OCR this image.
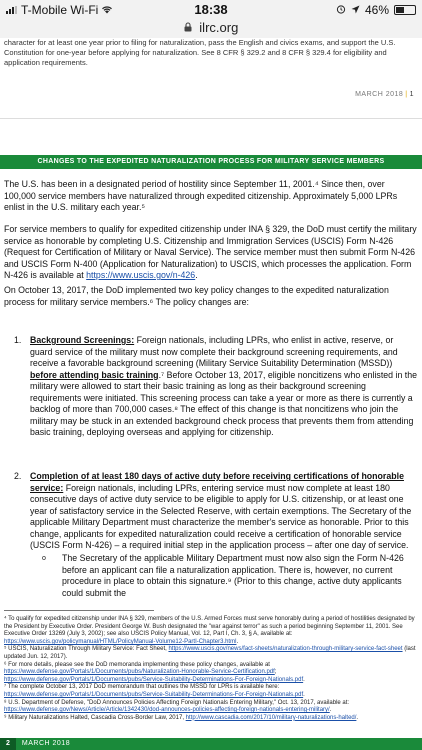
T-Mobile Wi-Fi	18:38	46%
ilrc.org
character for at least one year prior to filing for naturalization, pass the English and civics exams, and support the U.S. Constitution for one-year before applying for naturalization. See 8 CFR § 329.2 and 8 CFR § 329.4 for eligibility and application requirements.
MARCH 2018 | 1
CHANGES TO THE EXPEDITED NATURALIZATION PROCESS FOR MILITARY SERVICE MEMBERS
The U.S. has been in a designated period of hostility since September 11, 2001.⁴ Since then, over 100,000 service members have naturalized through expedited citizenship. Approximately 5,000 LPRs enlist in the U.S. military each year.⁵
For service members to qualify for expedited citizenship under INA § 329, the DoD must certify the military service as honorable by completing U.S. Citizenship and Immigration Services (USCIS) Form N-426 (Request for Certification of Military or Naval Service). The service member must then submit Form N-426 and USCIS Form N-400 (Application for Naturalization) to USCIS, which processes the application. Form N-426 is available at https://www.uscis.gov/n-426.
On October 13, 2017, the DoD implemented two key policy changes to the expedited naturalization process for military service members.⁶ The policy changes are:
1. Background Screenings: Foreign nationals, including LPRs, who enlist in active, reserve, or guard service of the military must now complete their background screening requirements, and receive a favorable background screening (Military Service Suitability Determination (MSSD)) before attending basic training.⁷ Before October 13, 2017, eligible noncitizens who enlisted in the military were allowed to start their basic training as long as their background screening requirements were initiated. This screening process can take a year or more as there is currently a backlog of more than 700,000 cases.⁸ The effect of this change is that noncitizens who join the military may be stuck in an extended background check process that prevents them from attending basic training, deploying overseas and applying for citizenship.
2. Completion of at least 180 days of active duty before receiving certifications of honorable service: Foreign nationals, including LPRs, entering service must now complete at least 180 consecutive days of active duty service to be eligible to apply for U.S. citizenship, or at least one year of satisfactory service in the Selected Reserve, with certain exemptions. The Secretary of the applicable Military Department must characterize the member's service as honorable. Prior to this change, applicants for expedited naturalization could receive a certification of honorable service (USCIS Form N-426) – a required initial step in the application process – after one day of service.
o The Secretary of the applicable Military Department must now also sign the Form N-426 before an applicant can file a naturalization application. There is, however, no current procedure in place to obtain this signature.⁹ (Prior to this change, active duty applicants could submit the
⁴ To qualify for expedited citizenship under INA § 329, members of the U.S. Armed Forces must serve honorably during a period of hostilities designated by the President by Executive Order. President George W. Bush designated the "war against terror" as such a period beginning September 11, 2001. See Executive Order 13269 (July 3, 2002); see also USCIS Policy Manual, Vol. 12, Part I, Ch. 3, § A, available at: https://www.uscis.gov/policymanual/HTML/PolicyManual-Volume12-PartI-Chapter3.html.
⁵ USCIS, Naturalization Through Military Service: Fact Sheet, https://www.uscis.gov/news/fact-sheets/naturalization-through-military-service-fact-sheet (last updated Jun. 12, 2017).
⁶ For more details, please see the DoD memoranda implementing these policy changes, available at https://www.defense.gov/Portals/1/Documents/pubs/Naturalization-Honorable-Service-Certification.pdf; https://www.defense.gov/Portals/1/Documents/pubs/Service-Suitability-Determinations-For-Foreign-Nationals.pdf.
⁷ The complete October 13, 2017 DoD memorandum that outlines the MSSD for LPRs is available here: https://www.defense.gov/Portals/1/Documents/pubs/Service-Suitability-Determinations-For-Foreign-Nationals.pdf.
⁸ U.S. Department of Defense, "DoD Announces Policies Affecting Foreign Nationals Entering Military," Oct. 13, 2017, available at: https://www.defense.gov/News/Article/Article/1342430/dod-announces-policies-affecting-foreign-nationals-entering-military/.
⁹ Military Naturalizations Halted, Cascadia Cross-Border Law, 2017, http://www.cascadia.com/2017/10/military-naturalizations-halted/.
2 MARCH 2018
